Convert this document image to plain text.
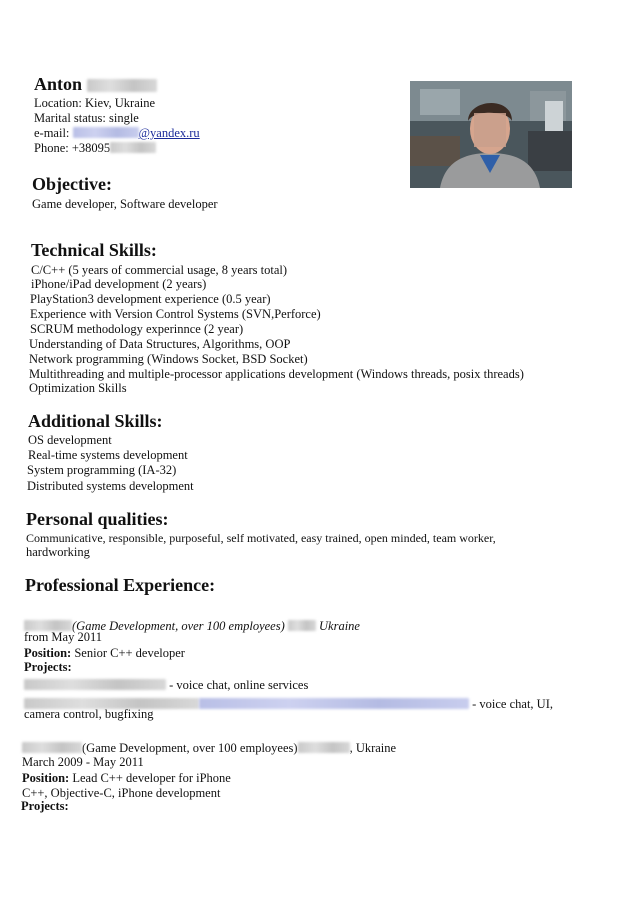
Anton
Location: Kiev, Ukraine
Marital status: single
e-mail:	@yandex.ru
Phone: +38095
Objective:
Game developer, Software developer
Technical Skills:
C/C++ (5 years of commercial usage, 8 years total)
iPhone/iPad development (2 years)
PlayStation3 development experience (0.5 year)
Experience with Version Control Systems (SVN,Perforce)
SCRUM methodology experinnce (2 year)
Understanding of Data Structures, Algorithms, OOP
Network programming (Windows Socket, BSD Socket)
Multithreading and multiple-processor applications development (Windows threads, posix threads)
Optimization Skills
Additional Skills:
OS development
Real-time systems development
System programming (IA-32)
Distributed systems development
Personal qualities:
Communicative, responsible, purposeful, self motivated, easy trained, open minded, team worker,
hardworking
Professional Experience:
(Game Development, over 100 employees)	Ukraine
from May 2011
Position: Senior C++ developer
Projects:
- voice chat, online services
- voice chat, UI,
camera control, bugfixing
(Game Development, over 100 employees)	, Ukraine
March 2009 - May 2011
Position: Lead C++ developer for iPhone
C++, Objective-C, iPhone development
Projects:
